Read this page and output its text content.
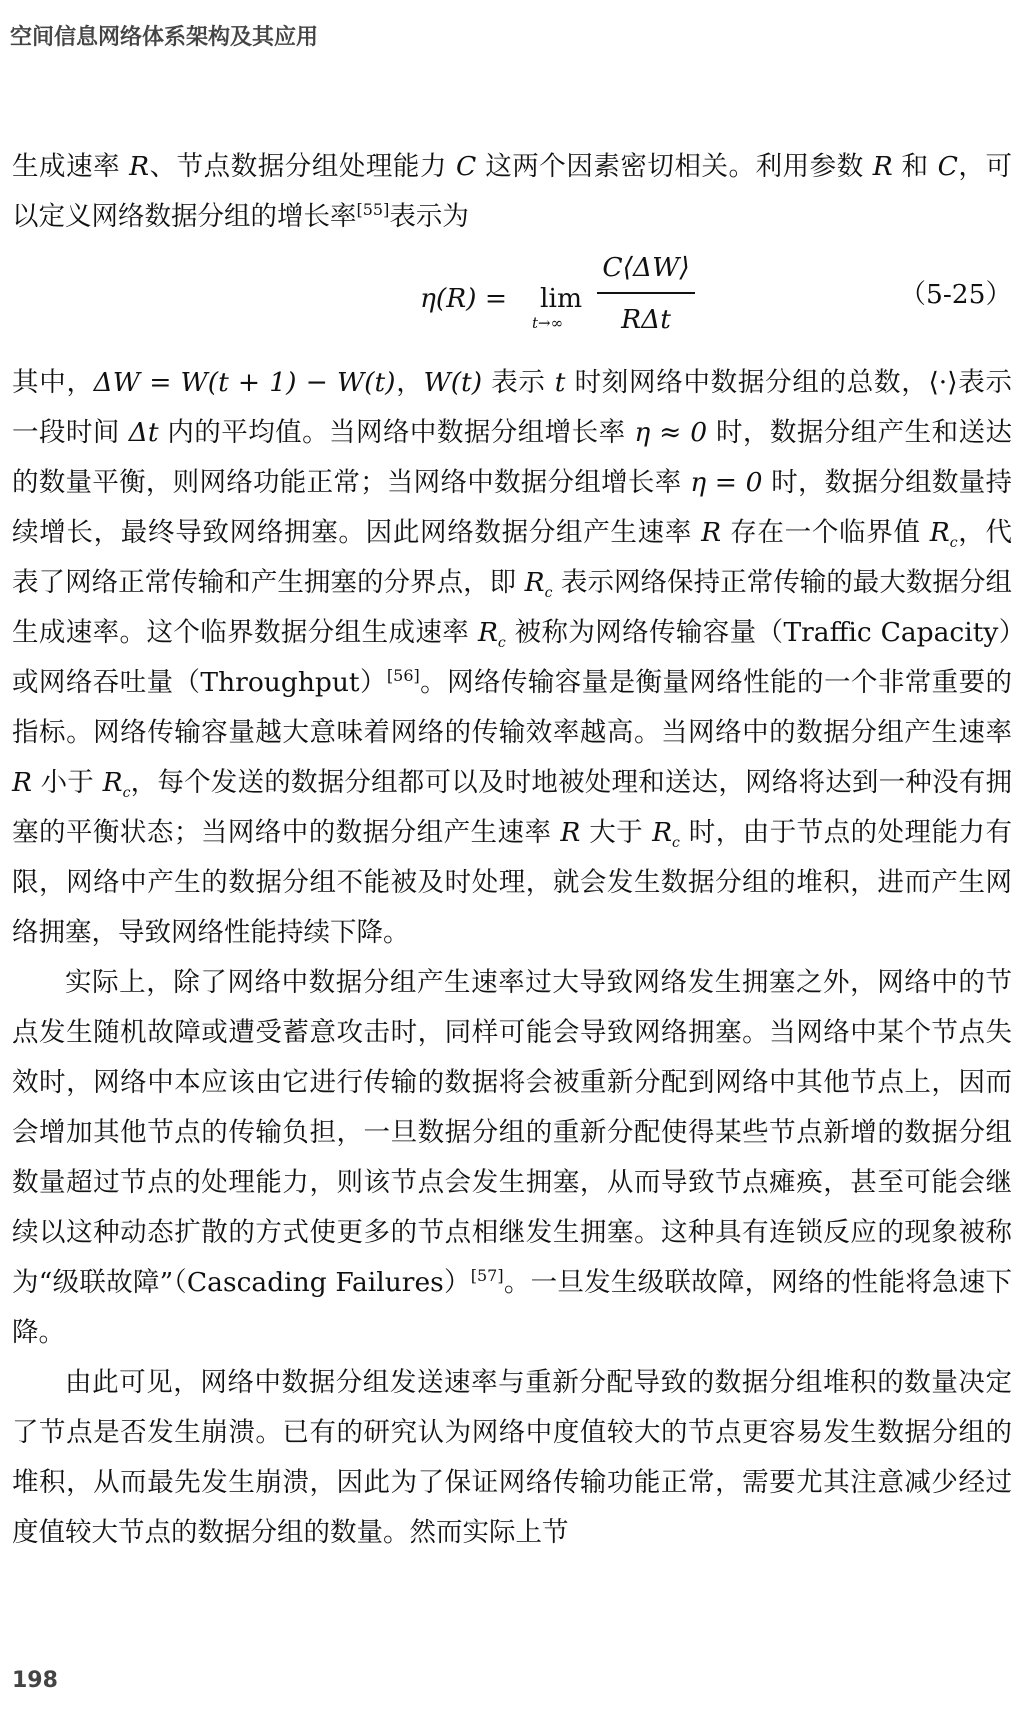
空间信息网络体系架构及其应用

生成速率 R、节点数据分组处理能力 C 这两个因素密切相关。利用参数 R 和 C，可以定义网络数据分组的增长率[55]表示为

η(R) = lim
t→∞
C⟨ΔW⟩
RΔt
（5-25）

其中，ΔW = W(t + 1) − W(t)，W(t) 表示 t 时刻网络中数据分组的总数，⟨·⟩表示一段时间 Δt 内的平均值。当网络中数据分组增长率 η ≈ 0 时，数据分组产生和送达的数量平衡，则网络功能正常；当网络中数据分组增长率 η = 0 时，数据分组数量持续增长，最终导致网络拥塞。因此网络数据分组产生速率 R 存在一个临界值 $R_c$，代表了网络正常传输和产生拥塞的分界点，即 $R_c$ 表示网络保持正常传输的最大数据分组生成速率。这个临界数据分组生成速率 $R_c$ 被称为网络传输容量（Traffic Capacity）或网络吞吐量（Throughput）[56]。网络传输容量是衡量网络性能的一个非常重要的指标。网络传输容量越大意味着网络的传输效率越高。当网络中的数据分组产生速率 R 小于 $R_c$，每个发送的数据分组都可以及时地被处理和送达，网络将达到一种没有拥塞的平衡状态；当网络中的数据分组产生速率 R 大于 $R_c$ 时，由于节点的处理能力有限，网络中产生的数据分组不能被及时处理，就会发生数据分组的堆积，进而产生网络拥塞，导致网络性能持续下降。

实际上，除了网络中数据分组产生速率过大导致网络发生拥塞之外，网络中的节点发生随机故障或遭受蓄意攻击时，同样可能会导致网络拥塞。当网络中某个节点失效时，网络中本应该由它进行传输的数据将会被重新分配到网络中其他节点上，因而会增加其他节点的传输负担，一旦数据分组的重新分配使得某些节点新增的数据分组数量超过节点的处理能力，则该节点会发生拥塞，从而导致节点瘫痪，甚至可能会继续以这种动态扩散的方式使更多的节点相继发生拥塞。这种具有连锁反应的现象被称为“级联故障”（Cascading Failures）[57]。一旦发生级联故障，网络的性能将急速下降。

由此可见，网络中数据分组发送速率与重新分配导致的数据分组堆积的数量决定了节点是否发生崩溃。已有的研究认为网络中度值较大的节点更容易发生数据分组的堆积，从而最先发生崩溃，因此为了保证网络传输功能正常，需要尤其注意减少经过度值较大节点的数据分组的数量。然而实际上节

198
